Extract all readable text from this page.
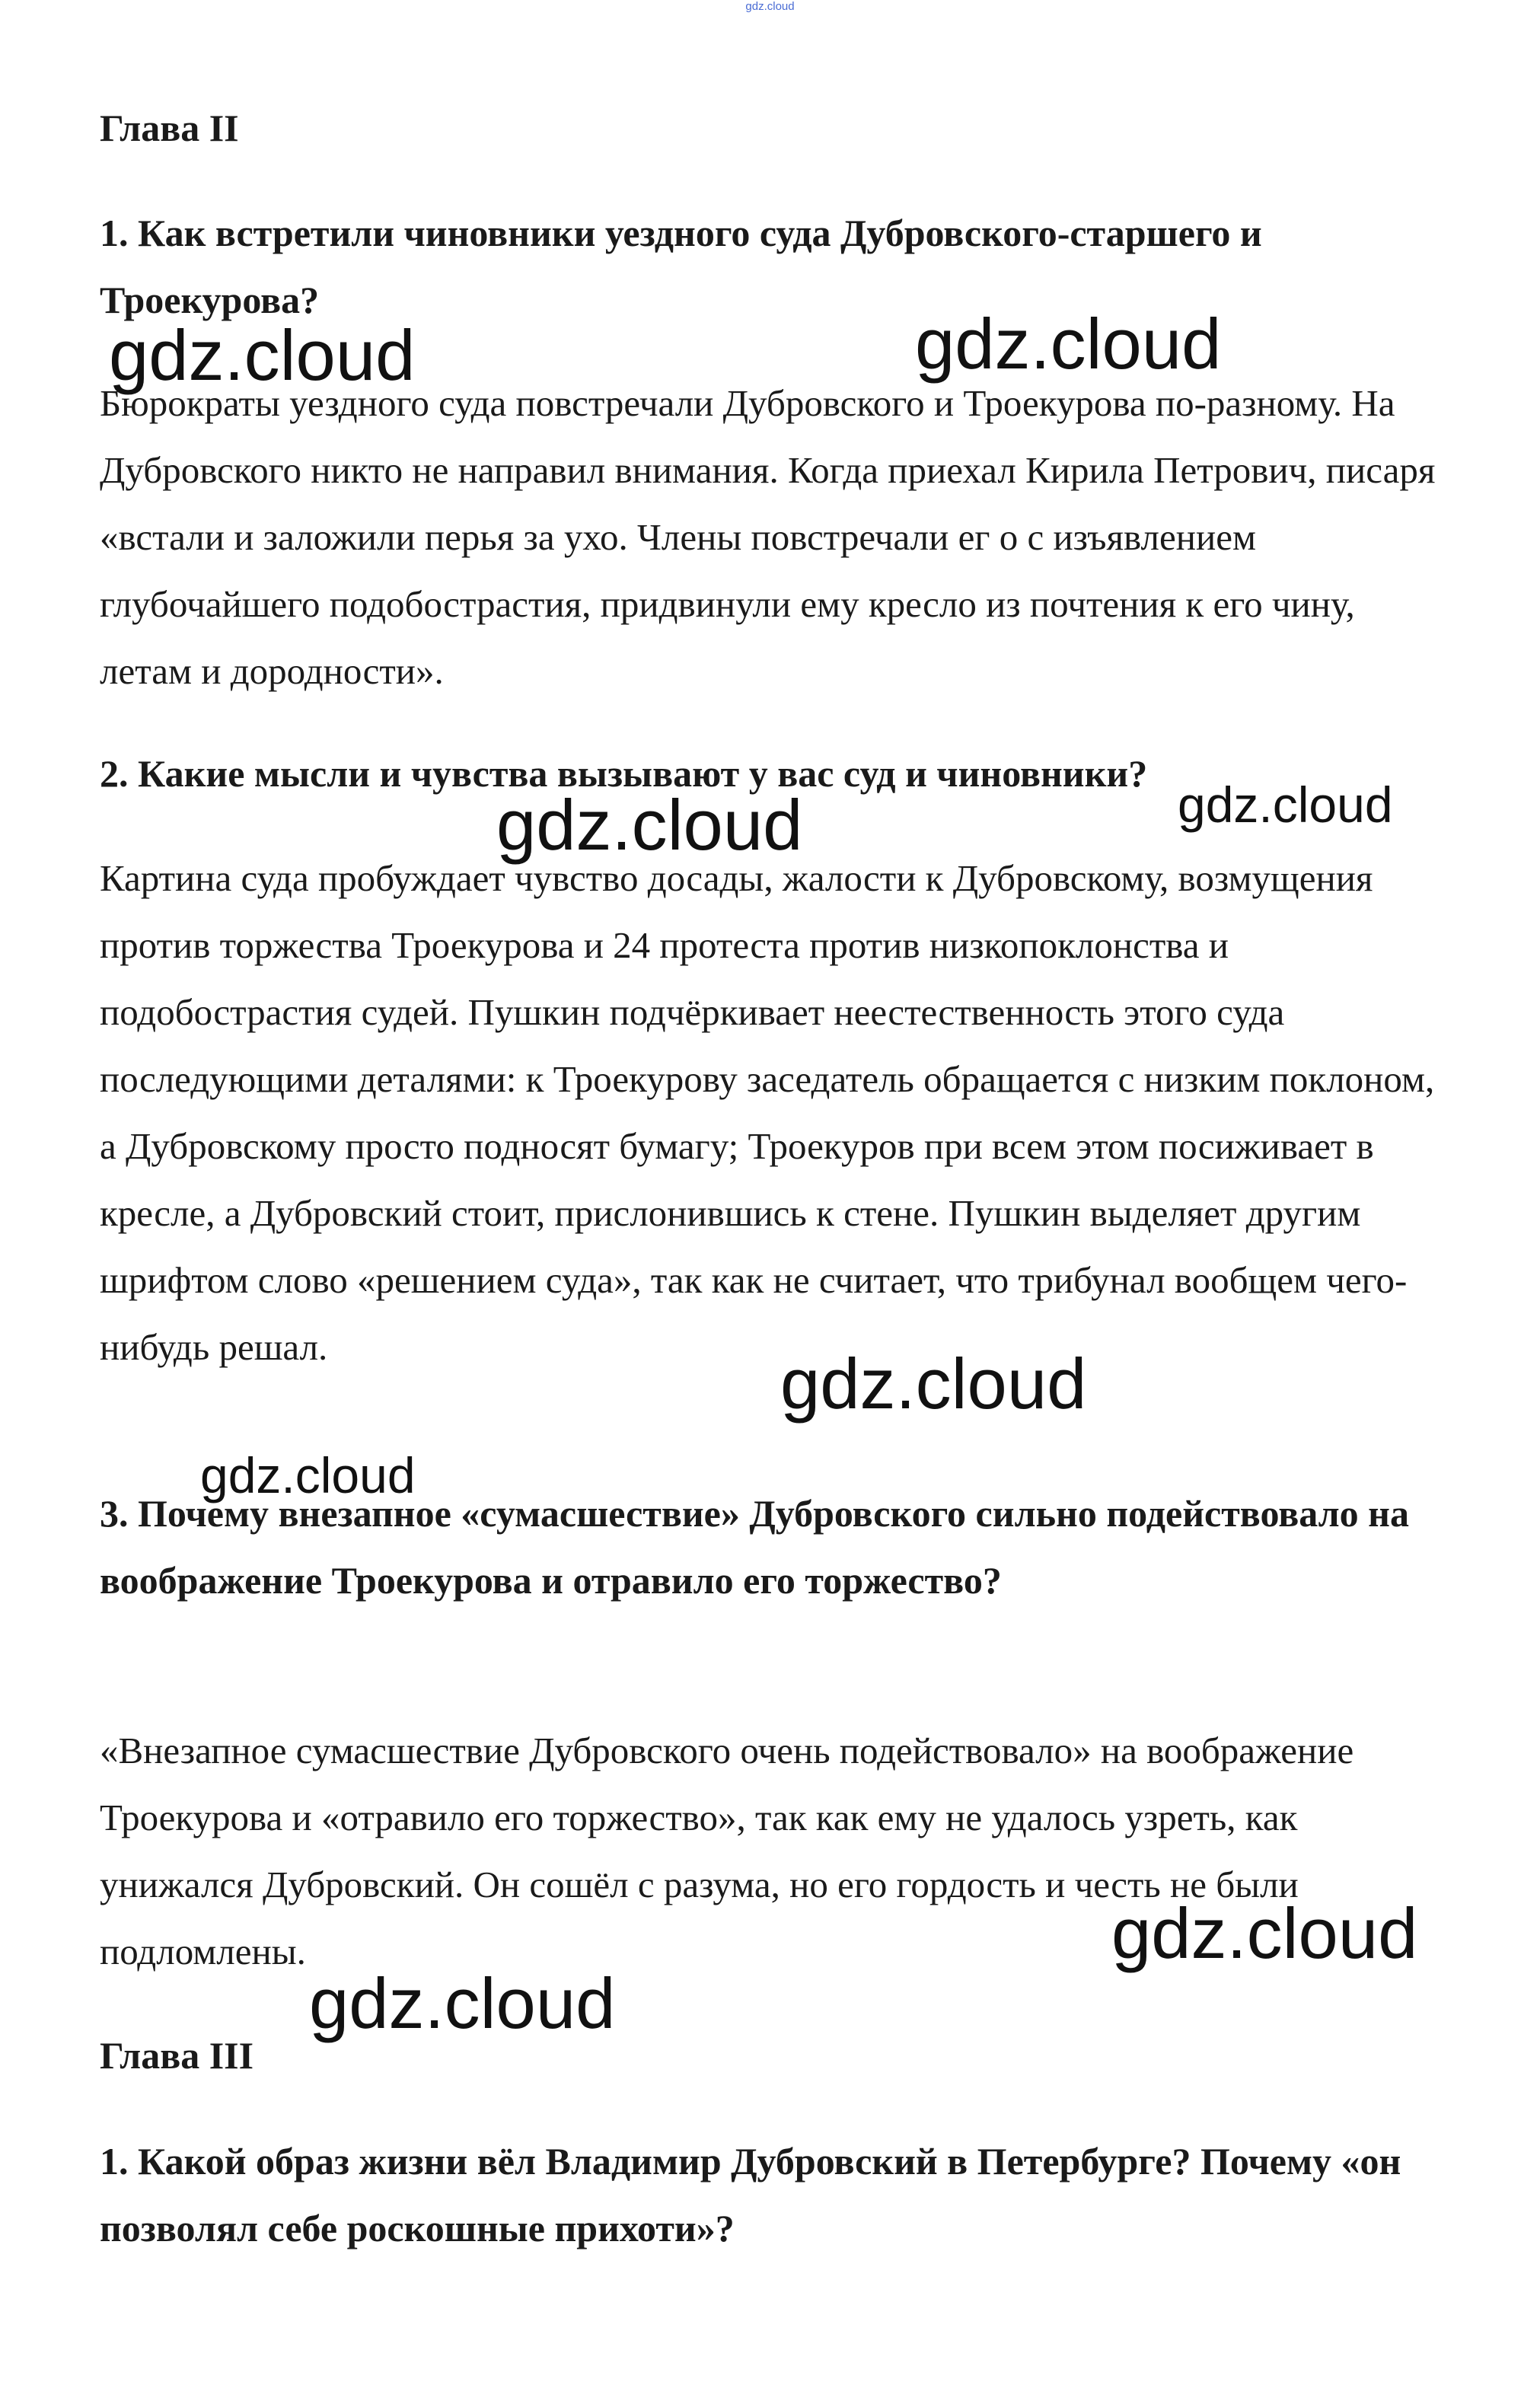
gdz.cloud

Глава II

1. Как встретили чиновники уездного суда Дубровского-старшего и Троекурова?

Бюрократы уездного суда повстречали Дубровского и Троекурова по-разному. На Дубровского никто не направил внимания. Когда приехал Кирила Петрович, писаря «встали и заложили перья за ухо. Члены повстречали ег о с изъявлением глубочайшего подобострастия, придвинули ему кресло из почтения к его чину, летам и дородности».

2. Какие мысли и чувства вызывают у вас суд и чиновники?

Картина суда пробуждает чувство досады, жалости к Дубровскому, возмущения против торжества Троекурова и 24 протеста против низкопоклонства и подобострастия судей. Пушкин подчёркивает неестественность этого суда последующими деталями: к Троекурову заседатель обращается с низким поклоном, а Дубровскому просто подносят бумагу; Троекуров при всем этом посиживает в кресле, а Дубровский стоит, прислонившись к стене. Пушкин выделяет другим шрифтом слово «решением суда», так как не считает, что трибунал вообщем чего-нибудь решал.

3. Почему внезапное «сумасшествие» Дубровского сильно подействовало на воображение Троекурова и отравило его торжество?

«Внезапное сумасшествие Дубровского очень подействовало» на воображение Троекурова и «отравило его торжество», так как ему не удалось узреть, как унижался Дубровский. Он сошёл с разума, но его гордость и честь не были подломлены.

Глава III

1. Какой образ жизни вёл Владимир Дубровский в Петербурге? Почему «он позволял себе роскошные прихоти»?

gdz.cloud	gdz.cloud
gdz.cloud	gdz.cloud
gdz.cloud
gdz.cloud
gdz.cloud
gdz.cloud
